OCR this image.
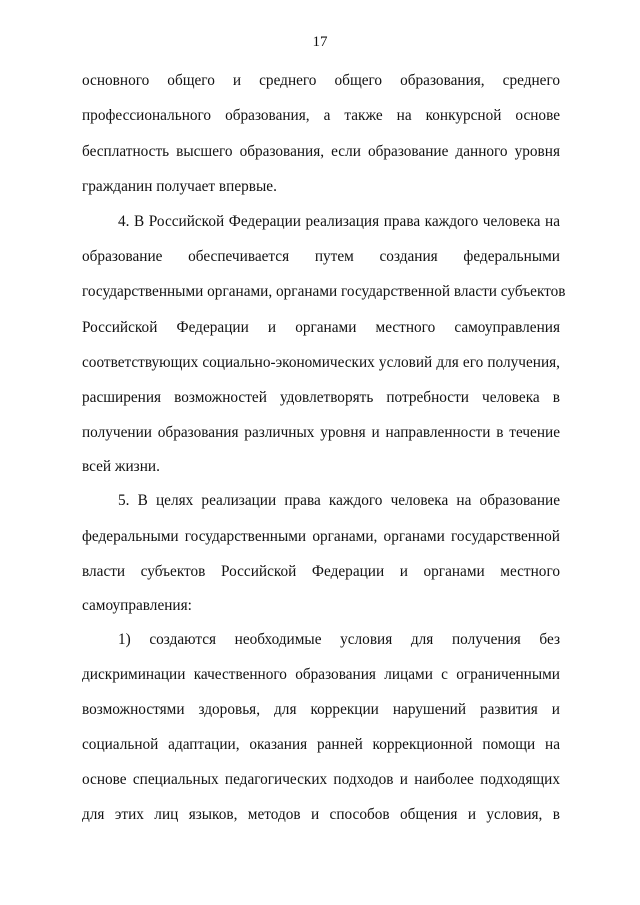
17
основного общего и среднего общего образования, среднего
профессионального образования, а также на конкурсной основе
бесплатность высшего образования, если образование данного уровня
гражданин получает впервые.
4. В Российской Федерации реализация права каждого человека на
образование обеспечивается путем создания федеральными
государственными органами, органами государственной власти субъектов
Российской Федерации и органами местного самоуправления
соответствующих социально-экономических условий для его получения,
расширения возможностей удовлетворять потребности человека в
получении образования различных уровня и направленности в течение
всей жизни.
5. В целях реализации права каждого человека на образование
федеральными государственными органами, органами государственной
власти субъектов Российской Федерации и органами местного
самоуправления:
1) создаются необходимые условия для получения без
дискриминации качественного образования лицами с ограниченными
возможностями здоровья, для коррекции нарушений развития и
социальной адаптации, оказания ранней коррекционной помощи на
основе специальных педагогических подходов и наиболее подходящих
для этих лиц языков, методов и способов общения и условия, в
